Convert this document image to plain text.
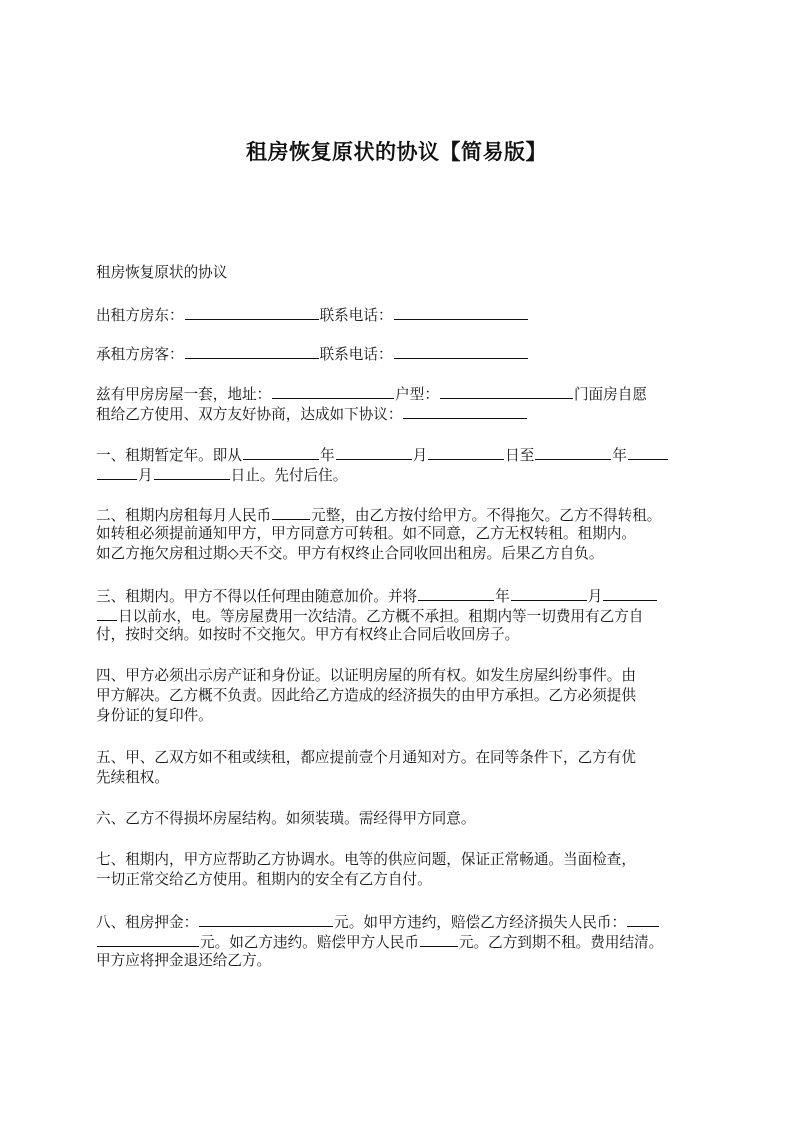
租房恢复原状的协议【简易版】
租房恢复原状的协议
出租方房东：	联系电话：
承租方房客：	联系电话：
兹有甲房房屋一套，地址：	户型：	门面房自愿
租给乙方使用、双方友好协商，达成如下协议：
一、租期暂定年。即从	年	月	日至	年
月	日止。先付后住。
二、租期内房租每月人民币	元整，由乙方按付给甲方。不得拖欠。乙方不得转租。
如转租必须提前通知甲方，甲方同意方可转租。如不同意，乙方无权转租。租期内。
如乙方拖欠房租过期◇天不交。甲方有权终止合同收回出租房。后果乙方自负。
三、租期内。甲方不得以任何理由随意加价。并将	年	月
日以前水，电。等房屋费用一次结清。乙方概不承担。租期内等一切费用有乙方自
付，按时交纳。如按时不交拖欠。甲方有权终止合同后收回房子。
四、甲方必须出示房产证和身份证。以证明房屋的所有权。如发生房屋纠纷事件。由
甲方解决。乙方概不负责。因此给乙方造成的经济损失的由甲方承担。乙方必须提供
身份证的复印件。
五、甲、乙双方如不租或续租，都应提前壹个月通知对方。在同等条件下，乙方有优
先续租权。
六、乙方不得损坏房屋结构。如须装璜。需经得甲方同意。
七、租期内，甲方应帮助乙方协调水。电等的供应问题，保证正常畅通。当面检查，
一切正常交给乙方使用。租期内的安全有乙方自付。
八、租房押金：	元。如甲方违约，赔偿乙方经济损失人民币：
元。如乙方违约。赔偿甲方人民币	元。乙方到期不租。费用结清。
甲方应将押金退还给乙方。
